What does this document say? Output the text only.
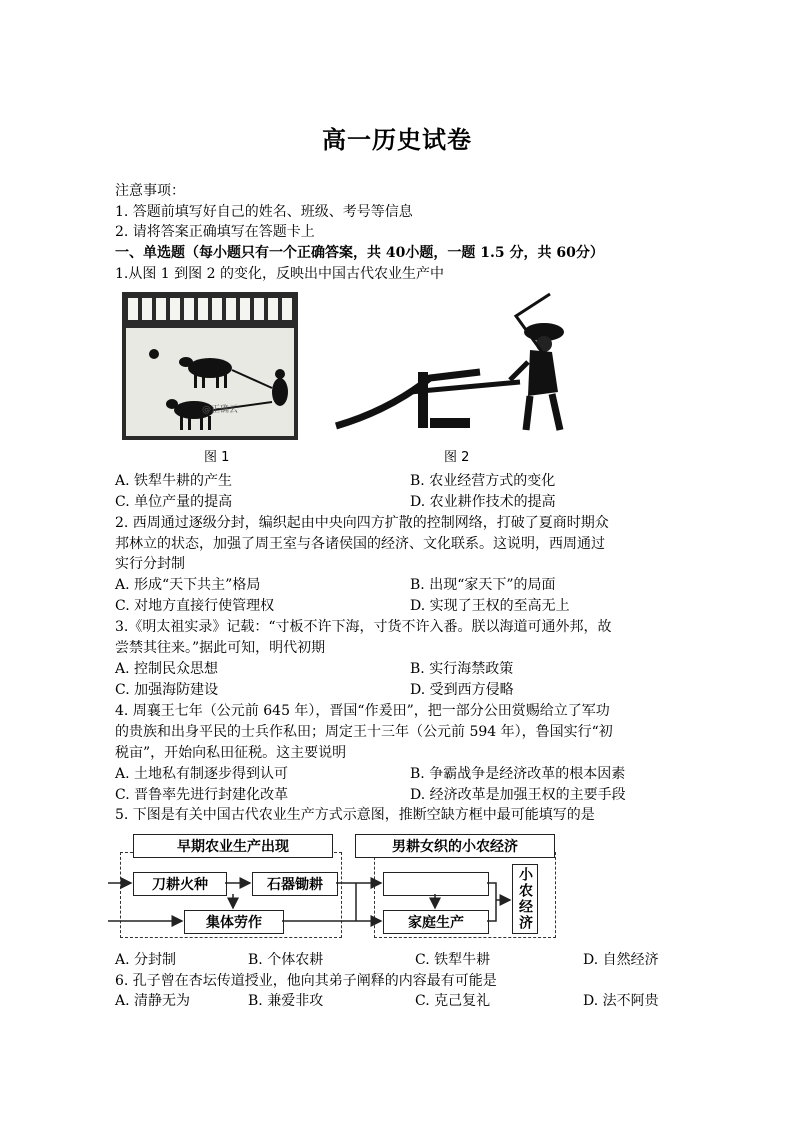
高一历史试卷
注意事项：
1. 答题前填写好自己的姓名、班级、考号等信息
2. 请将答案正确填写在答题卡上
一、单选题（每小题只有一个正确答案，共 40小题，一题 1.5 分，共 60分）
1.从图 1 到图 2 的变化，反映出中国古代农业生产中
@正确云
图 1	图 2
A. 铁犁牛耕的产生	B. 农业经营方式的变化
C. 单位产量的提高	D. 农业耕作技术的提高
2. 西周通过逐级分封，编织起由中央向四方扩散的控制网络，打破了夏商时期众
邦林立的状态，加强了周王室与各诸侯国的经济、文化联系。这说明，西周通过
实行分封制
A. 形成“天下共主”格局	B. 出现“家天下”的局面
C. 对地方直接行使管理权	D. 实现了王权的至高无上
3.《明太祖实录》记载：“寸板不许下海，寸货不许入番。朕以海道可通外邦，故
尝禁其往来。”据此可知，明代初期
A. 控制民众思想	B. 实行海禁政策
C. 加强海防建设	D. 受到西方侵略
4. 周襄王七年（公元前 645 年），晋国“作爰田”，把一部分公田赏赐给立了军功
的贵族和出身平民的士兵作私田；周定王十三年（公元前 594 年），鲁国实行“初
税亩”，开始向私田征税。这主要说明
A. 土地私有制逐步得到认可	B. 争霸战争是经济改革的根本因素
C. 晋鲁率先进行封建化改革	D. 经济改革是加强王权的主要手段
5. 下图是有关中国古代农业生产方式示意图，推断空缺方框中最可能填写的是
早期农业生产出现
刀耕火种	石器锄耕
集体劳作
男耕女织的小农经济
家庭生产	小农经济
A. 分封制	B. 个体农耕	C. 铁犁牛耕	D. 自然经济
6. 孔子曾在杏坛传道授业，他向其弟子阐释的内容最有可能是
A. 清静无为	B. 兼爱非攻	C. 克己复礼	D. 法不阿贵
